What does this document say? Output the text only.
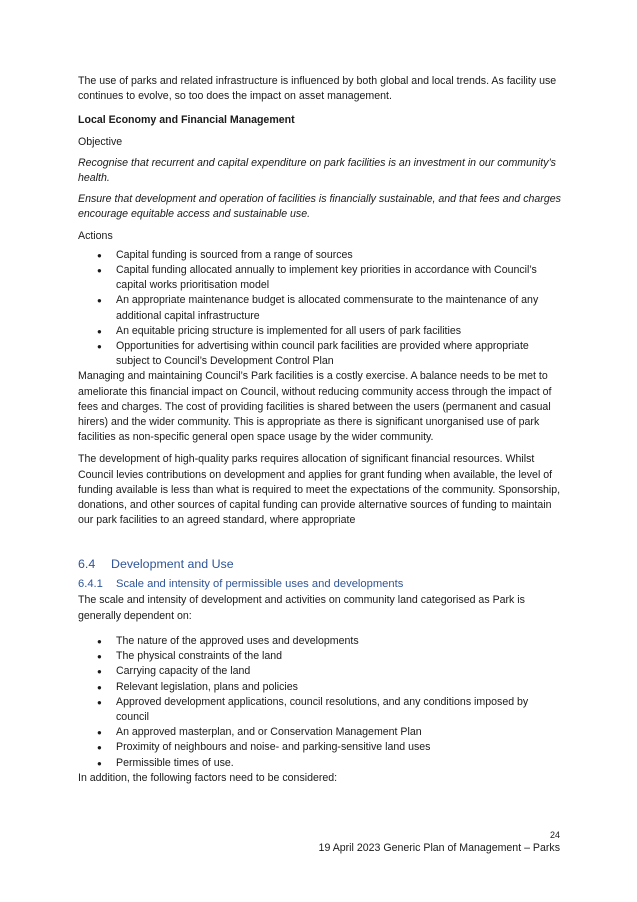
The use of parks and related infrastructure is influenced by both global and local trends. As facility use continues to evolve, so too does the impact on asset management.

Local Economy and Financial Management

Objective

Recognise that recurrent and capital expenditure on park facilities is an investment in our community’s health.

Ensure that development and operation of facilities is financially sustainable, and that fees and charges encourage equitable access and sustainable use.

Actions

● Capital funding is sourced from a range of sources
● Capital funding allocated annually to implement key priorities in accordance with Council’s capital works prioritisation model
● An appropriate maintenance budget is allocated commensurate to the maintenance of any additional capital infrastructure
● An equitable pricing structure is implemented for all users of park facilities
● Opportunities for advertising within council park facilities are provided where appropriate subject to Council’s Development Control Plan

Managing and maintaining Council’s Park facilities is a costly exercise. A balance needs to be met to ameliorate this financial impact on Council, without reducing community access through the impact of fees and charges. The cost of providing facilities is shared between the users (permanent and casual hirers) and the wider community. This is appropriate as there is significant unorganised use of park facilities as non-specific general open space usage by the wider community.

The development of high-quality parks requires allocation of significant financial resources. Whilst Council levies contributions on development and applies for grant funding when available, the level of funding available is less than what is required to meet the expectations of the community. Sponsorship, donations, and other sources of capital funding can provide alternative sources of funding to maintain our park facilities to an agreed standard, where appropriate

6.4 Development and Use
6.4.1 Scale and intensity of permissible uses and developments

The scale and intensity of development and activities on community land categorised as Park is generally dependent on:

● The nature of the approved uses and developments
● The physical constraints of the land
● Carrying capacity of the land
● Relevant legislation, plans and policies
● Approved development applications, council resolutions, and any conditions imposed by council
● An approved masterplan, and or Conservation Management Plan
● Proximity of neighbours and noise- and parking-sensitive land uses
● Permissible times of use.

In addition, the following factors need to be considered:

24
19 April 2023 Generic Plan of Management – Parks
